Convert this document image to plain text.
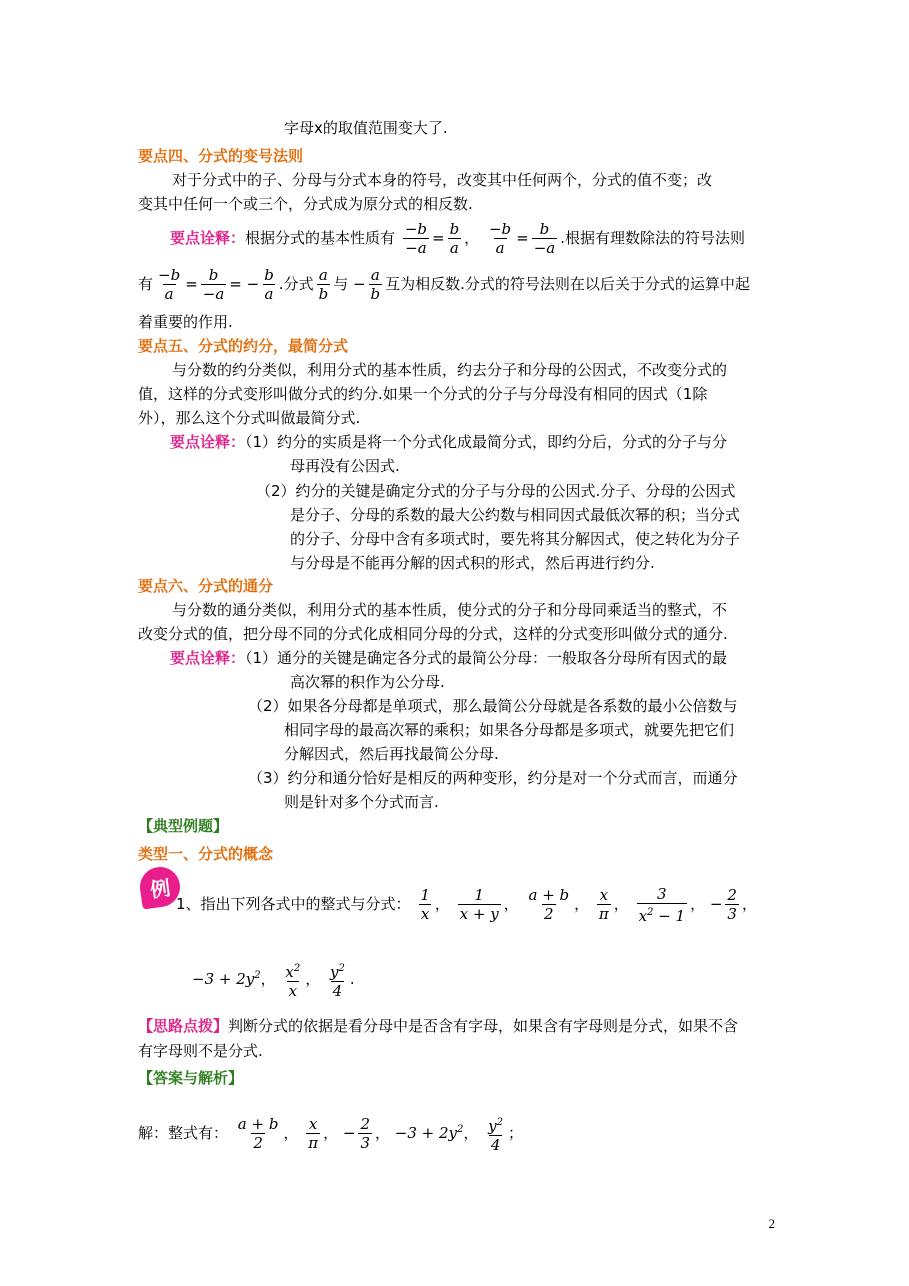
字母x的取值范围变大了.
要点四、分式的变号法则
对于分式中的子、分母与分式本身的符号，改变其中任何两个，分式的值不变；改
变其中任何一个或三个，分式成为原分式的相反数.
要点诠释：根据分式的基本性质有 $\frac{-b}{-a} = \frac{b}{a}$ ， $\frac{-b}{a} = \frac{b}{-a}$ .根据有理数除法的符号法则
有 $\frac{-b}{a} = \frac{b}{-a}$ = − $\frac{b}{a}$ .分式 $\frac{a}{b}$ 与 − $\frac{a}{b}$ 互为相反数.分式的符号法则在以后关于分式的运算中起
着重要的作用.
要点五、分式的约分，最简分式
与分数的约分类似，利用分式的基本性质，约去分子和分母的公因式，不改变分式的
值，这样的分式变形叫做分式的约分.如果一个分式的分子与分母没有相同的因式（1除
外），那么这个分式叫做最简分式.
要点诠释：（1）约分的实质是将一个分式化成最简分式，即约分后，分式的分子与分
母再没有公因式.
（2）约分的关键是确定分式的分子与分母的公因式.分子、分母的公因式
是分子、分母的系数的最大公约数与相同因式最低次幂的积；当分式
的分子、分母中含有多项式时，要先将其分解因式，使之转化为分子
与分母是不能再分解的因式积的形式，然后再进行约分.
要点六、分式的通分
与分数的通分类似，利用分式的基本性质，使分式的分子和分母同乘适当的整式，不
改变分式的值，把分母不同的分式化成相同分母的分式，这样的分式变形叫做分式的通分.
要点诠释：（1）通分的关键是确定各分式的最简公分母：一般取各分母所有因式的最
高次幂的积作为公分母.
（2）如果各分母都是单项式，那么最简公分母就是各系数的最小公倍数与
相同字母的最高次幂的乘积；如果各分母都是多项式，就要先把它们
分解因式，然后再找最简公分母.
（3）约分和通分恰好是相反的两种变形，约分是对一个分式而言，而通分
则是针对多个分式而言.
【典型例题】
类型一、分式的概念
例
1、指出下列各式中的整式与分式： $\frac{1}{x}$ ， $\frac{1}{x + y}$ ， $\frac{a + b}{2}$ ， $\frac{x}{\pi}$ ， $\frac{3}{x^2 - 1}$ ， − $\frac{2}{3}$ ，
$-3 + 2y^2$， $\frac{x^2}{x}$ ， $\frac{y^2}{4}$ .
【思路点拨】判断分式的依据是看分母中是否含有字母，如果含有字母则是分式，如果不含
有字母则不是分式.
【答案与解析】
解：整式有： $\frac{a + b}{2}$ ， $\frac{x}{\pi}$ ， − $\frac{2}{3}$ ， $-3 + 2y^2$， $\frac{y^2}{4}$ ；
2
